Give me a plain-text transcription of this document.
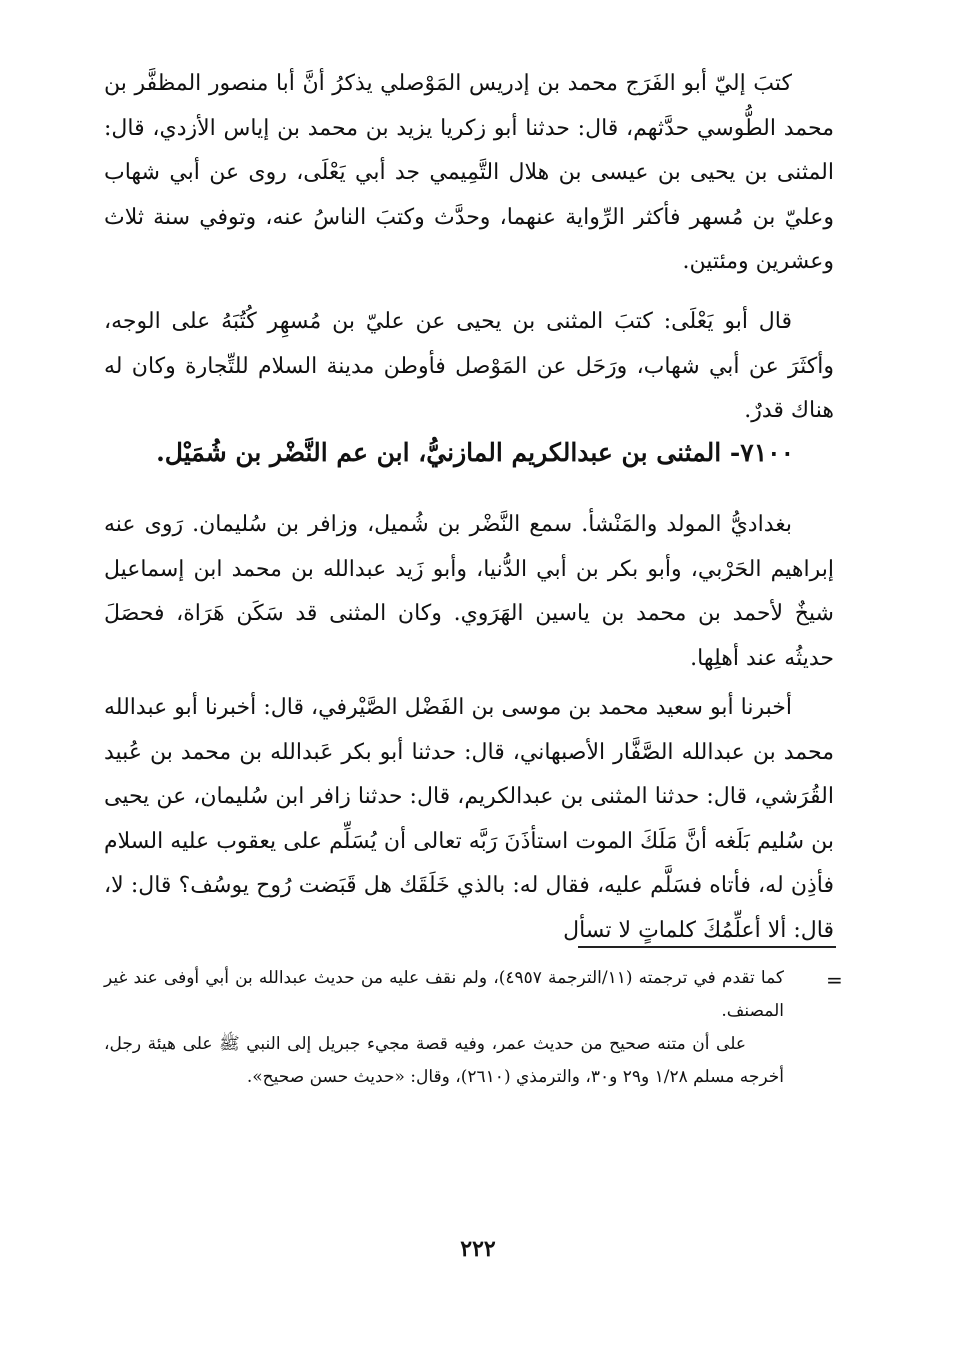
كتبَ إليّ أبو الفَرَج محمد بن إدريس المَوْصلي يذكرُ أنَّ أبا منصور المظفَّر بن محمد الطُّوسي حدَّثهم، قال: حدثنا أبو زكريا يزيد بن محمد بن إياس الأزدي، قال: المثنى بن يحيى بن عيسى بن هلال التَّمِيمي جد أبي يَعْلَى، روى عن أبي شهاب وعليّ بن مُسهر فأكثر الرِّواية عنهما، وحدَّث وكتبَ الناسُ عنه، وتوفي سنة ثلاث وعشرين ومئتين.

قال أبو يَعْلَى: كتبَ المثنى بن يحيى عن عليّ بن مُسهِر كُتُبَهُ على الوجه، وأكثَرَ عن أبي شهاب، ورَحَل عن المَوْصل فأوطن مدينة السلام للتِّجارة وكان له هناك قدرٌ.

٧١٠٠- المثنى بن عبدالكريم المازنيُّ، ابن عم النَّضْر بن شُمَيْل.

بغداديُّ المولد والمَنْشأ. سمع النَّضْر بن شُميل، وزافر بن سُليمان. رَوى عنه إبراهيم الحَرْبي، وأبو بكر بن أبي الدُّنيا، وأبو زَيد عبدالله بن محمد ابن إسماعيل شيخٌ لأحمد بن محمد بن ياسين الهَرَوي. وكان المثنى قد سَكَن هَرَاة، فحصَلَ حديثُه عند أهلِها.

أخبرنا أبو سعيد محمد بن موسى بن الفَضْل الصَّيْرفي، قال: أخبرنا أبو عبدالله محمد بن عبدالله الصَّفَّار الأصبهاني، قال: حدثنا أبو بكر عَبدالله بن محمد بن عُبيد القُرَشي، قال: حدثنا المثنى بن عبدالكريم، قال: حدثنا زافر ابن سُليمان، عن يحيى بن سُليم بَلَغه أنَّ مَلَكَ الموت استأذَنَ رَبَّه تعالى أن يُسَلِّم على يعقوب عليه السلام فأذِن له، فأتاه فسَلَّم عليه، فقال له: بالذي خَلَقَك هل قَبَضت رُوح يوسُف؟ قال: لا، قال: ألا أعلِّمُكَ كلماتٍ لا تسأل

=

كما تقدم في ترجمته (١١/الترجمة ٤٩٥٧)، ولم نقف عليه من حديث عبدالله بن أبي أوفى عند غير المصنف.

على أن متنه صحيح من حديث عمر، وفيه قصة مجيء جبريل إلى النبي ﷺ على هيئة رجل، أخرجه مسلم ١/٢٨ و٢٩ و٣٠، والترمذي (٢٦١٠)، وقال: «حديث حسن صحيح».

٢٢٢
